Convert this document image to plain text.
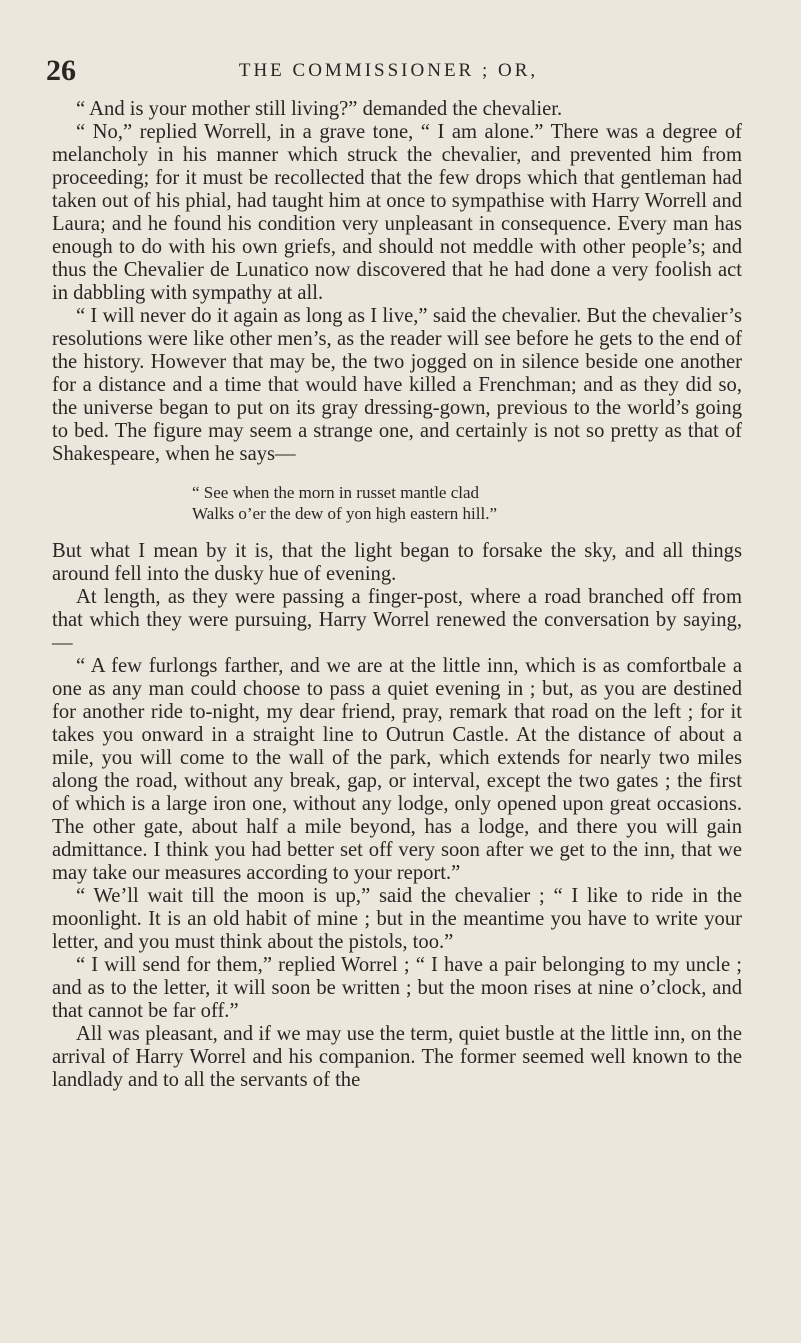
26	THE COMMISSIONER ; OR,

“ And is your mother still living?” demanded the chevalier.

“ No,” replied Worrell, in a grave tone, “ I am alone.” There was a degree of melancholy in his manner which struck the chevalier, and prevented him from proceeding; for it must be recollected that the few drops which that gentleman had taken out of his phial, had taught him at once to sympathise with Harry Worrell and Laura; and he found his condition very unpleasant in consequence. Every man has enough to do with his own griefs, and should not meddle with other people’s; and thus the Chevalier de Lunatico now discovered that he had done a very foolish act in dabbling with sympathy at all.

“ I will never do it again as long as I live,” said the chevalier. But the chevalier’s resolutions were like other men’s, as the reader will see before he gets to the end of the history. However that may be, the two jogged on in silence beside one another for a distance and a time that would have killed a Frenchman; and as they did so, the universe began to put on its gray dressing-gown, previous to the world’s going to bed. The figure may seem a strange one, and certainly is not so pretty as that of Shakespeare, when he says—

“ See when the morn in russet mantle clad
Walks o’er the dew of yon high eastern hill.”

But what I mean by it is, that the light began to forsake the sky, and all things around fell into the dusky hue of evening.

At length, as they were passing a finger-post, where a road branched off from that which they were pursuing, Harry Worrel renewed the conversation by saying,—

“ A few furlongs farther, and we are at the little inn, which is as comfortbale a one as any man could choose to pass a quiet evening in ; but, as you are destined for another ride to-night, my dear friend, pray, remark that road on the left ; for it takes you onward in a straight line to Outrun Castle. At the distance of about a mile, you will come to the wall of the park, which extends for nearly two miles along the road, without any break, gap, or interval, except the two gates ; the first of which is a large iron one, without any lodge, only opened upon great occasions. The other gate, about half a mile beyond, has a lodge, and there you will gain admittance. I think you had better set off very soon after we get to the inn, that we may take our measures according to your report.”

“ We’ll wait till the moon is up,” said the chevalier ; “ I like to ride in the moonlight. It is an old habit of mine ; but in the meantime you have to write your letter, and you must think about the pistols, too.”

“ I will send for them,” replied Worrel ; “ I have a pair belonging to my uncle ; and as to the letter, it will soon be written ; but the moon rises at nine o’clock, and that cannot be far off.”

All was pleasant, and if we may use the term, quiet bustle at the little inn, on the arrival of Harry Worrel and his companion. The former seemed well known to the landlady and to all the servants of the
